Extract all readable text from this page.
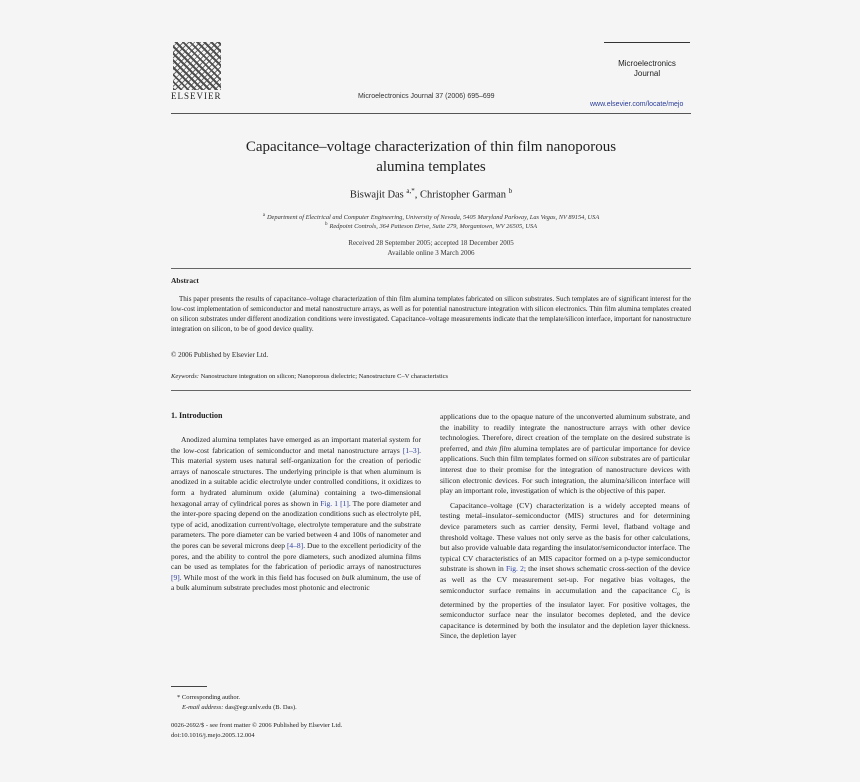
ELSEVIER	Microelectronics Journal 37 (2006) 695–699
Microelectronics
Journal
www.elsevier.com/locate/mejo
Capacitance–voltage characterization of thin film nanoporous
alumina templates
Biswajit Das $^{a,*}$, Christopher Garman $^b$
$^a$ Department of Electrical and Computer Engineering, University of Nevada, 5405 Maryland Parkway, Las Vegas, NV 89154, USA
$^b$ Redpoint Controls, 364 Patteson Drive, Suite 279, Morgantown, WV 26505, USA
Received 28 September 2005; accepted 18 December 2005
Available online 3 March 2006
Abstract
This paper presents the results of capacitance–voltage characterization of thin film alumina templates fabricated on silicon substrates. Such templates are of significant interest for the low-cost implementation of semiconductor and metal nanostructure arrays, as well as for potential nanostructure integration with silicon electronics. Thin film alumina templates created on silicon substrates under different anodization conditions were investigated. Capacitance–voltage measurements indicate that the template/silicon interface, important for nanostructure integration on silicon, to be of good device quality.
© 2006 Published by Elsevier Ltd.
Keywords: Nanostructure integration on silicon; Nanoporous dielectric; Nanostructure C–V characteristics
1. Introduction

Anodized alumina templates have emerged as an important material system for the low-cost fabrication of semiconductor and metal nanostructure arrays [1–3]. This material system uses natural self-organization for the creation of periodic arrays of nanoscale structures. The underlying principle is that when aluminum is anodized in a suitable acidic electrolyte under controlled conditions, it oxidizes to form a hydrated aluminum oxide (alumina) containing a two-dimensional hexagonal array of cylindrical pores as shown in Fig. 1 [1]. The pore diameter and the inter-pore spacing depend on the anodization conditions such as electrolyte pH, type of acid, anodization current/voltage, electrolyte temperature and the substrate parameters. The pore diameter can be varied between 4 and 100s of nanometer and the pores can be several microns deep [4–8]. Due to the excellent periodicity of the pores, and the ability to control the pore diameters, such anodized alumina films can be used as templates for the fabrication of periodic arrays of nanostructures [9]. While most of the work in this field has focused on bulk aluminum, the use of a bulk aluminum substrate precludes most photonic and electronic

applications due to the opaque nature of the unconverted aluminum substrate, and the inability to readily integrate the nanostructure arrays with other device technologies. Therefore, direct creation of the template on the desired substrate is preferred, and thin film alumina templates are of particular importance for device applications. Such thin film templates formed on silicon substrates are of particular interest due to their promise for the integration of nanostructure devices with silicon electronic devices. For such integration, the alumina/silicon interface will play an important role, investigation of which is the objective of this paper.

Capacitance–voltage (CV) characterization is a widely accepted means of testing metal–insulator–semiconductor (MIS) structures and for determining device parameters such as carrier density, Fermi level, flatband voltage and threshold voltage. These values not only serve as the basis for other calculations, but also provide valuable data regarding the insulator/semiconductor interface. The typical CV characteristics of an MIS capacitor formed on a p-type semiconductor substrate is shown in Fig. 2; the inset shows schematic cross-section of the device as well as the CV measurement set-up. For negative bias voltages, the semiconductor surface remains in accumulation and the capacitance $C_o$ is determined by the properties of the insulator layer. For positive voltages, the semiconductor surface near the insulator becomes depleted, and the device capacitance is determined by both the insulator and the depletion layer thickness. Since, the depletion layer

* Corresponding author.
E-mail address: das@egr.unlv.edu (B. Das).
0026-2692/$ - see front matter © 2006 Published by Elsevier Ltd.
doi:10.1016/j.mejo.2005.12.004
